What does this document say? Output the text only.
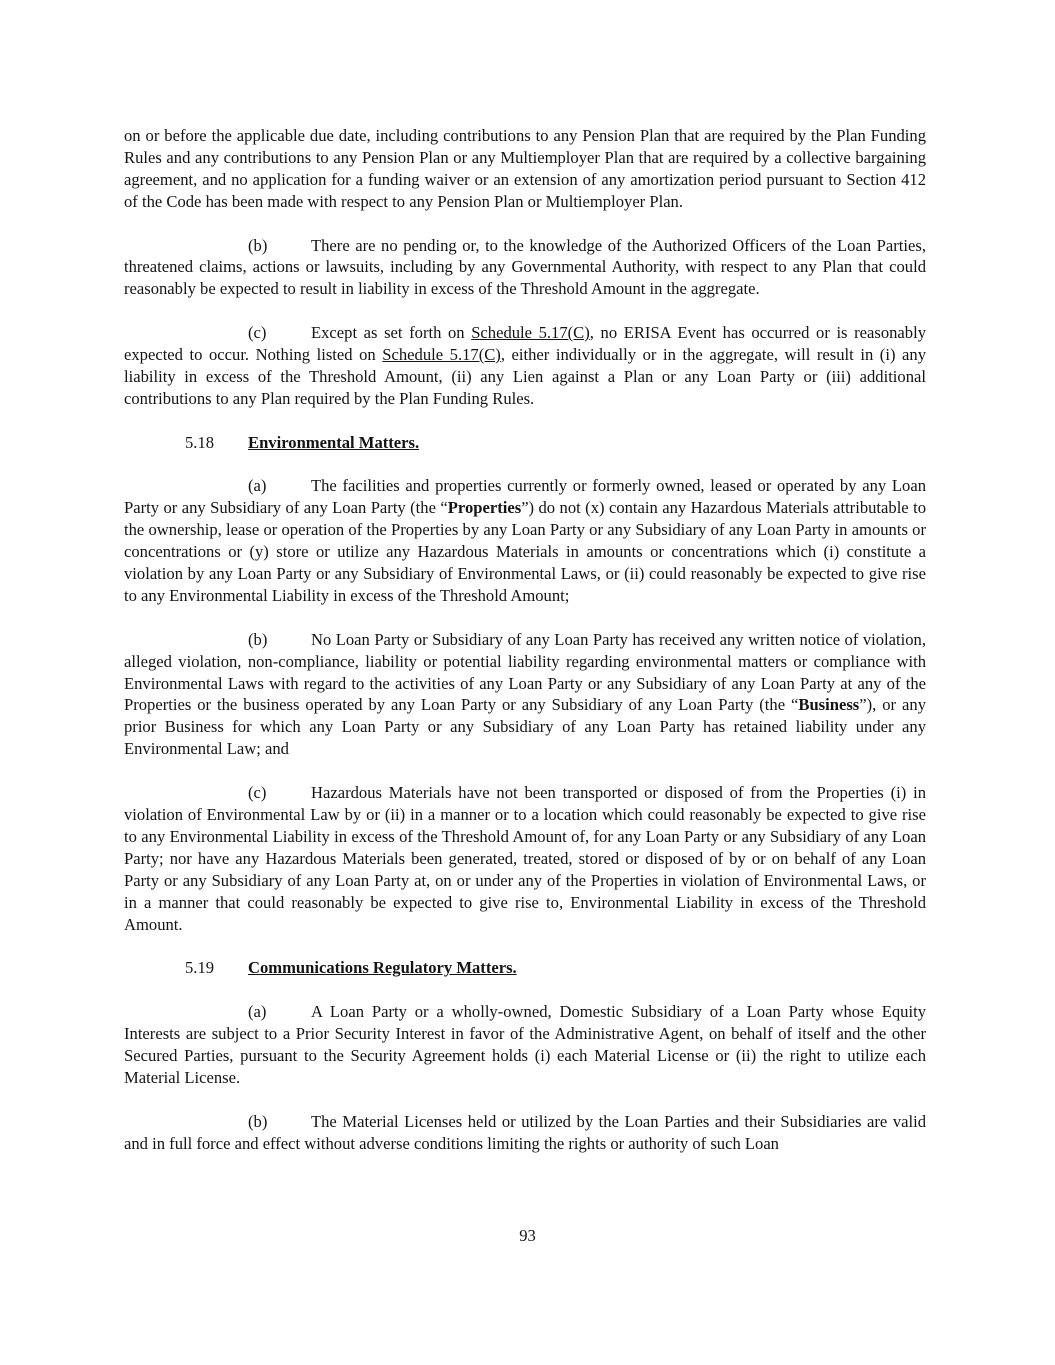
on or before the applicable due date, including contributions to any Pension Plan that are required by the Plan Funding Rules and any contributions to any Pension Plan or any Multiemployer Plan that are required by a collective bargaining agreement, and no application for a funding waiver or an extension of any amortization period pursuant to Section 412 of the Code has been made with respect to any Pension Plan or Multiemployer Plan.

(b)	There are no pending or, to the knowledge of the Authorized Officers of the Loan Parties, threatened claims, actions or lawsuits, including by any Governmental Authority, with respect to any Plan that could reasonably be expected to result in liability in excess of the Threshold Amount in the aggregate.

(c)	Except as set forth on Schedule 5.17(C), no ERISA Event has occurred or is reasonably expected to occur. Nothing listed on Schedule 5.17(C), either individually or in the aggregate, will result in (i) any liability in excess of the Threshold Amount, (ii) any Lien against a Plan or any Loan Party or (iii) additional contributions to any Plan required by the Plan Funding Rules.

5.18 Environmental Matters.

(a)	The facilities and properties currently or formerly owned, leased or operated by any Loan Party or any Subsidiary of any Loan Party (the “Properties”) do not (x) contain any Hazardous Materials attributable to the ownership, lease or operation of the Properties by any Loan Party or any Subsidiary of any Loan Party in amounts or concentrations or (y) store or utilize any Hazardous Materials in amounts or concentrations which (i) constitute a violation by any Loan Party or any Subsidiary of Environmental Laws, or (ii) could reasonably be expected to give rise to any Environmental Liability in excess of the Threshold Amount;

(b)	No Loan Party or Subsidiary of any Loan Party has received any written notice of violation, alleged violation, non-compliance, liability or potential liability regarding environmental matters or compliance with Environmental Laws with regard to the activities of any Loan Party or any Subsidiary of any Loan Party at any of the Properties or the business operated by any Loan Party or any Subsidiary of any Loan Party (the “Business”), or any prior Business for which any Loan Party or any Subsidiary of any Loan Party has retained liability under any Environmental Law; and

(c)	Hazardous Materials have not been transported or disposed of from the Properties (i) in violation of Environmental Law by or (ii) in a manner or to a location which could reasonably be expected to give rise to any Environmental Liability in excess of the Threshold Amount of, for any Loan Party or any Subsidiary of any Loan Party; nor have any Hazardous Materials been generated, treated, stored or disposed of by or on behalf of any Loan Party or any Subsidiary of any Loan Party at, on or under any of the Properties in violation of Environmental Laws, or in a manner that could reasonably be expected to give rise to, Environmental Liability in excess of the Threshold Amount.

5.19 Communications Regulatory Matters.

(a)	A Loan Party or a wholly-owned, Domestic Subsidiary of a Loan Party whose Equity Interests are subject to a Prior Security Interest in favor of the Administrative Agent, on behalf of itself and the other Secured Parties, pursuant to the Security Agreement holds (i) each Material License or (ii) the right to utilize each Material License.

(b)	The Material Licenses held or utilized by the Loan Parties and their Subsidiaries are valid and in full force and effect without adverse conditions limiting the rights or authority of such Loan

93
